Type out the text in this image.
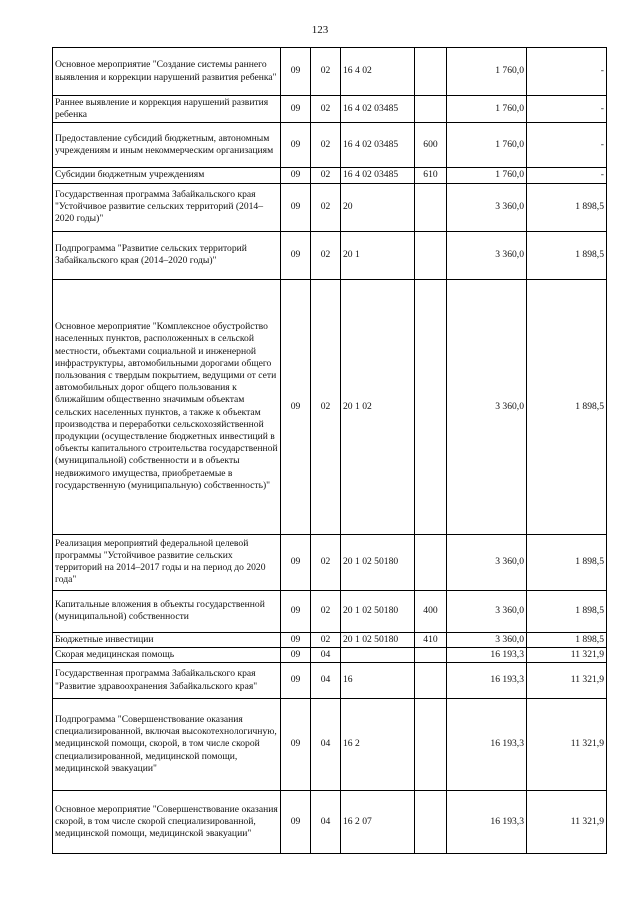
123
Основное мероприятие "Создание системы раннего выявления и коррекции нарушений развития ребенка"	09	02	16 4 02		1 760,0	-
Раннее выявление и коррекция нарушений развития ребенка	09	02	16 4 02 03485		1 760,0	-
Предоставление субсидий бюджетным, автономным учреждениям и иным некоммерческим организациям	09	02	16 4 02 03485	600	1 760,0	-
Субсидии бюджетным учреждениям	09	02	16 4 02 03485	610	1 760,0	-
Государственная программа Забайкальского края "Устойчивое развитие сельских территорий (2014–2020 годы)"	09	02	20		3 360,0	1 898,5
Подпрограмма "Развитие сельских территорий Забайкальского края (2014–2020 годы)"	09	02	20 1		3 360,0	1 898,5
Основное мероприятие "Комплексное обустройство населенных пунктов, расположенных в сельской местности, объектами социальной и инженерной инфраструктуры, автомобильными дорогами общего пользования с твердым покрытием, ведущими от сети автомобильных дорог общего пользования к ближайшим общественно значимым объектам сельских населенных пунктов, а также к объектам производства и переработки сельскохозяйственной продукции (осуществление бюджетных инвестиций в объекты капитального строительства государственной (муниципальной) собственности и в объекты недвижимого имущества, приобретаемые в государственную (муниципальную) собственность)"	09	02	20 1 02		3 360,0	1 898,5
Реализация мероприятий федеральной целевой программы "Устойчивое развитие сельских территорий на 2014–2017 годы и на период до 2020 года"	09	02	20 1 02 50180		3 360,0	1 898,5
Капитальные вложения в объекты государственной (муниципальной) собственности	09	02	20 1 02 50180	400	3 360,0	1 898,5
Бюджетные инвестиции	09	02	20 1 02 50180	410	3 360,0	1 898,5
Скорая медицинская помощь	09	04			16 193,3	11 321,9
Государственная программа Забайкальского края "Развитие здравоохранения Забайкальского края"	09	04	16		16 193,3	11 321,9
Подпрограмма "Совершенствование оказания специализированной, включая высокотехнологичную, медицинской помощи, скорой, в том числе скорой специализированной, медицинской помощи, медицинской эвакуации"	09	04	16 2		16 193,3	11 321,9
Основное мероприятие "Совершенствование оказания скорой, в том числе скорой специализированной, медицинской помощи, медицинской эвакуации"	09	04	16 2 07		16 193,3	11 321,9
